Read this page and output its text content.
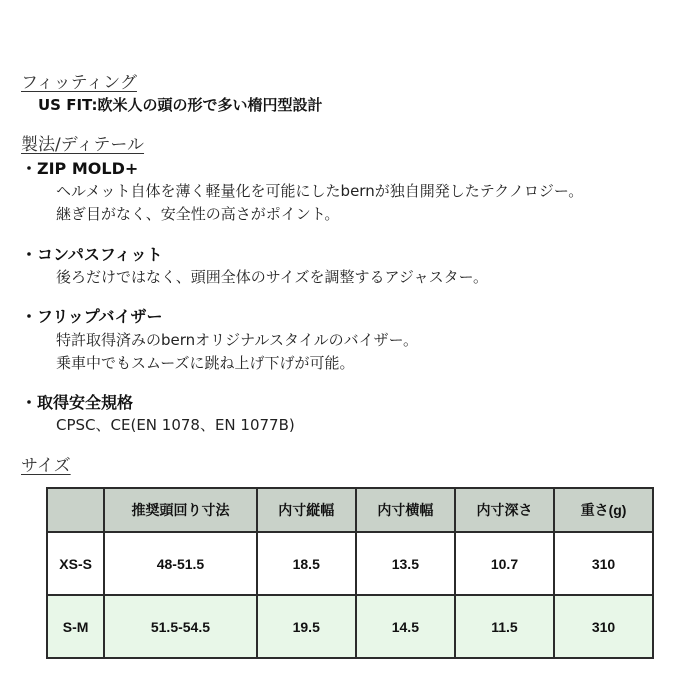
フィッティング
US FIT:欧米人の頭の形で多い楕円型設計
製法/ディテール
・ZIP MOLD+
ヘルメット自体を薄く軽量化を可能にしたbernが独自開発したテクノロジー。
継ぎ目がなく、安全性の高さがポイント。
・コンパスフィット
後ろだけではなく、頭囲全体のサイズを調整するアジャスター。
・フリップバイザー
特許取得済みのbernオリジナルスタイルのバイザー。
乗車中でもスムーズに跳ね上げ下げが可能。
・取得安全規格
CPSC、CE(EN 1078、EN 1077B)
サイズ
	推奨頭回り寸法	内寸縦幅	内寸横幅	内寸深さ	重さ(g)
XS-S	48-51.5	18.5	13.5	10.7	310
S-M	51.5-54.5	19.5	14.5	11.5	310
